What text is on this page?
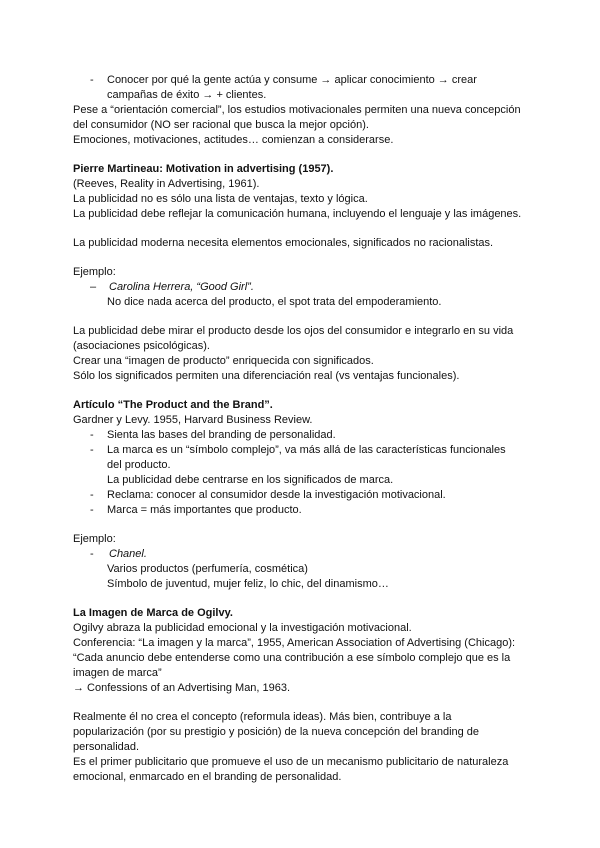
- Conocer por qué la gente actúa y consume → aplicar conocimiento → crear
campañas de éxito → + clientes.
Pese a “orientación comercial”, los estudios motivacionales permiten una nueva concepción
del consumidor (NO ser racional que busca la mejor opción).
Emociones, motivaciones, actitudes… comienzan a considerarse.
Pierre Martineau: Motivation in advertising (1957).
(Reeves, Reality in Advertising, 1961).
La publicidad no es sólo una lista de ventajas, texto y lógica.
La publicidad debe reflejar la comunicación humana, incluyendo el lenguaje y las imágenes.
La publicidad moderna necesita elementos emocionales, significados no racionalistas.
Ejemplo:
– Carolina Herrera, “Good Girl”.
No dice nada acerca del producto, el spot trata del empoderamiento.
La publicidad debe mirar el producto desde los ojos del consumidor e integrarlo en su vida
(asociaciones psicológicas).
Crear una “imagen de producto” enriquecida con significados.
Sólo los significados permiten una diferenciación real (vs ventajas funcionales).
Artículo “The Product and the Brand”.
Gardner y Levy. 1955, Harvard Business Review.
- Sienta las bases del branding de personalidad.
- La marca es un “símbolo complejo”, va más allá de las características funcionales
del producto.
La publicidad debe centrarse en los significados de marca.
- Reclama: conocer al consumidor desde la investigación motivacional.
- Marca = más importantes que producto.
Ejemplo:
- Chanel.
Varios productos (perfumería, cosmética)
Símbolo de juventud, mujer feliz, lo chic, del dinamismo…
La Imagen de Marca de Ogilvy.
Ogilvy abraza la publicidad emocional y la investigación motivacional.
Conferencia: “La imagen y la marca”, 1955, American Association of Advertising (Chicago):
“Cada anuncio debe entenderse como una contribución a ese símbolo complejo que es la
imagen de marca”
→ Confessions of an Advertising Man, 1963.
Realmente él no crea el concepto (reformula ideas). Más bien, contribuye a la
popularización (por su prestigio y posición) de la nueva concepción del branding de
personalidad.
Es el primer publicitario que promueve el uso de un mecanismo publicitario de naturaleza
emocional, enmarcado en el branding de personalidad.
